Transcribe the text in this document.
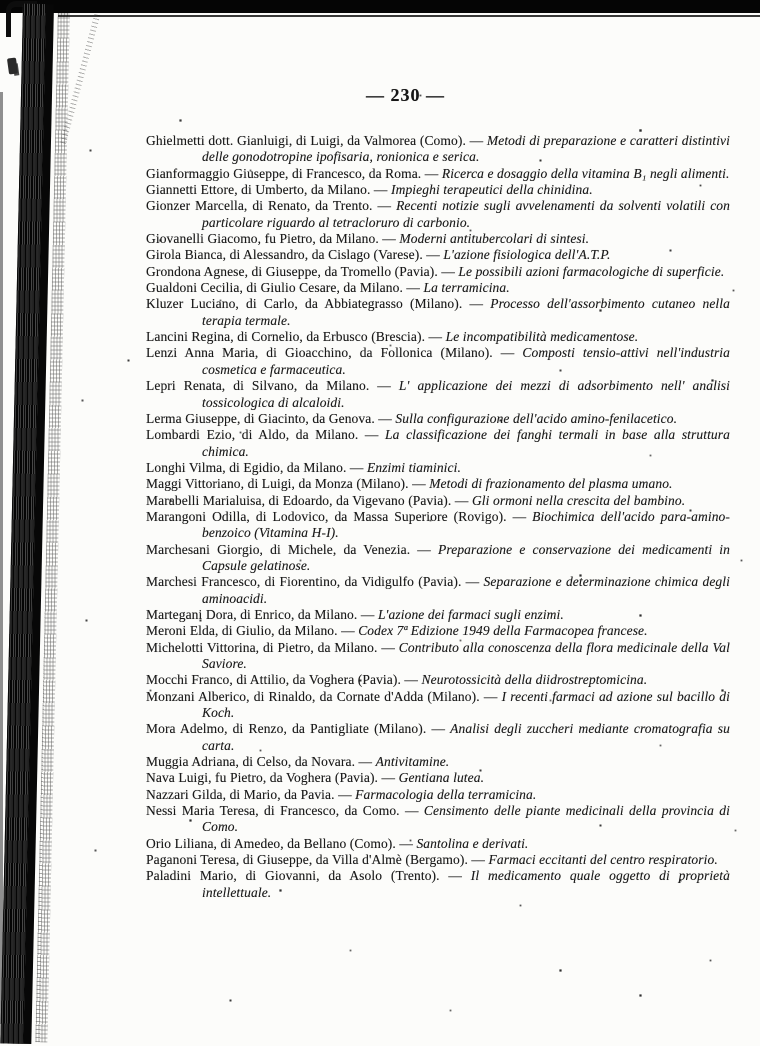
— 230 —

Ghielmetti dott. Gianluigi, di Luigi, da Valmorea (Como). — Metodi di preparazione e caratteri distintivi delle gonodotropine ipofisaria, ronionica e serica.

Gianformaggio Giuseppe, di Francesco, da Roma. — Ricerca e dosaggio della vitamina B₁ negli alimenti.

Giannetti Ettore, di Umberto, da Milano. — Impieghi terapeutici della chinidina.

Gionzer Marcella, di Renato, da Trento. — Recenti notizie sugli avvelenamenti da solventi volatili con particolare riguardo al tetracloruro di carbonio.

Giovanelli Giacomo, fu Pietro, da Milano. — Moderni antitubercolari di sintesi.

Girola Bianca, di Alessandro, da Cislago (Varese). — L'azione fisiologica dell'A.T.P.

Grondona Agnese, di Giuseppe, da Tromello (Pavia). — Le possibili azioni farmacologiche di superficie.

Gualdoni Cecilia, di Giulio Cesare, da Milano. — La terramicina.

Kluzer Luciano, di Carlo, da Abbiategrasso (Milano). — Processo dell'assorbimento cutaneo nella terapia termale.

Lancini Regina, di Cornelio, da Erbusco (Brescia). — Le incompatibilità medicamentose.

Lenzi Anna Maria, di Gioacchino, da Follonica (Milano). — Composti tensio-attivi nell'industria cosmetica e farmaceutica.

Lepri Renata, di Silvano, da Milano. — L' applicazione dei mezzi di adsorbimento nell' analisi tossicologica di alcaloidi.

Lerma Giuseppe, di Giacinto, da Genova. — Sulla configurazione dell'acido amino-fenilacetico.

Lombardi Ezio, di Aldo, da Milano. — La classificazione dei fanghi termali in base alla struttura chimica.

Longhi Vilma, di Egidio, da Milano. — Enzimi tiaminici.

Maggi Vittoriano, di Luigi, da Monza (Milano). — Metodi di frazionamento del plasma umano.

Marabelli Marialuisa, di Edoardo, da Vigevano (Pavia). — Gli ormoni nella crescita del bambino.

Marangoni Odilla, di Lodovico, da Massa Superiore (Rovigo). — Biochimica dell'acido para-amino-benzoico (Vitamina H-I).

Marchesani Giorgio, di Michele, da Venezia. — Preparazione e conservazione dei medicamenti in Capsule gelatinose.

Marchesi Francesco, di Fiorentino, da Vidigulfo (Pavia). — Separazione e determinazione chimica degli aminoacidi.

Martegani Dora, di Enrico, da Milano. — L'azione dei farmaci sugli enzimi.

Meroni Elda, di Giulio, da Milano. — Codex 7ª Edizione 1949 della Farmacopea francese.

Michelotti Vittorina, di Pietro, da Milano. — Contributo alla conoscenza della flora medicinale della Val Saviore.

Mocchi Franco, di Attilio, da Voghera (Pavia). — Neurotossicità della diidrostreptomicina.

Monzani Alberico, di Rinaldo, da Cornate d'Adda (Milano). — I recenti farmaci ad azione sul bacillo di Koch.

Mora Adelmo, di Renzo, da Pantigliate (Milano). — Analisi degli zuccheri mediante cromatografia su carta.

Muggia Adriana, di Celso, da Novara. — Antivitamine.

Nava Luigi, fu Pietro, da Voghera (Pavia). — Gentiana lutea.

Nazzari Gilda, di Mario, da Pavia. — Farmacologia della terramicina.

Nessi Maria Teresa, di Francesco, da Como. — Censimento delle piante medicinali della provincia di Como.

Orio Liliana, di Amedeo, da Bellano (Como). — Santolina e derivati.

Paganoni Teresa, di Giuseppe, da Villa d'Almè (Bergamo). — Farmaci eccitanti del centro respiratorio.

Paladini Mario, di Giovanni, da Asolo (Trento). — Il medicamento quale oggetto di proprietà intellettuale.
